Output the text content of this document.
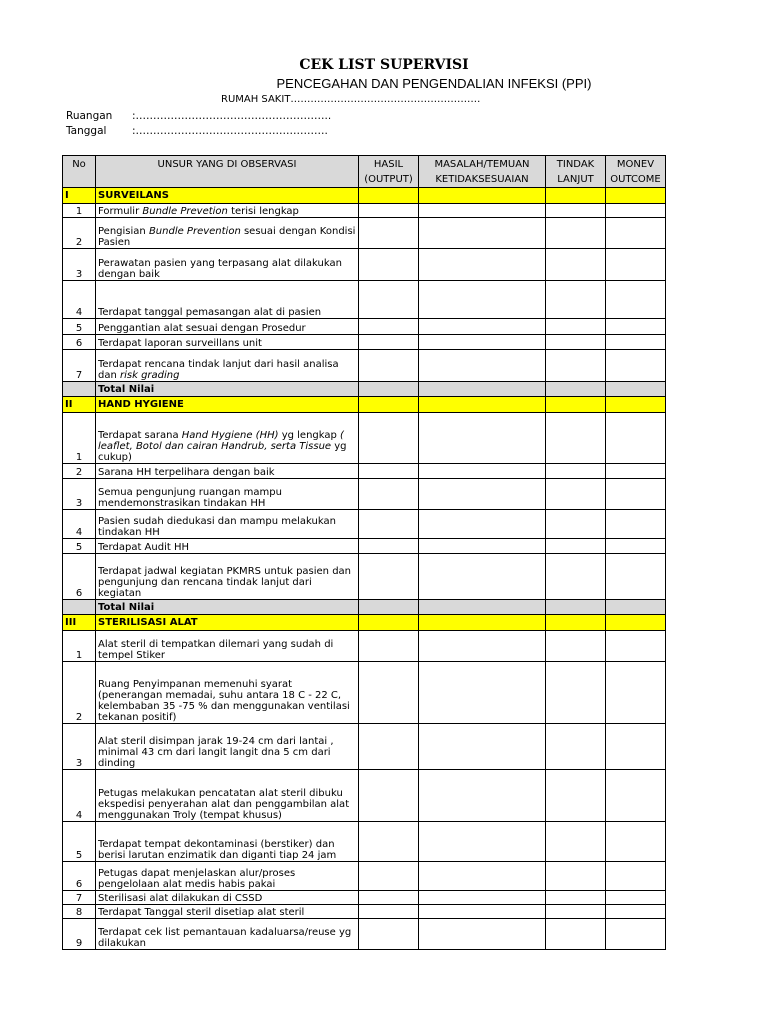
CEK LIST SUPERVISI
PENCEGAHAN DAN PENGENDALIAN INFEKSI (PPI)
RUMAH SAKIT…………………………………………………
Ruangan :………………………………………………..
Tanggal :……………………………………………….
No	UNSUR YANG DI OBSERVASI	HASIL (OUTPUT)	MASALAH/TEMUAN KETIDAKSESUAIAN	TINDAK LANJUT	MONEV OUTCOME
I	SURVEILANS				
1	Formulir Bundle Prevetion terisi lengkap				
2	Pengisian Bundle Prevention sesuai dengan Kondisi Pasien				
3	Perawatan pasien yang terpasang alat dilakukan dengan baik				
4	Terdapat tanggal pemasangan alat di pasien				
5	Penggantian alat sesuai dengan Prosedur				
6	Terdapat laporan surveillans unit				
7	Terdapat rencana tindak lanjut dari hasil analisa dan risk grading				
	Total Nilai				
II	HAND HYGIENE				
1	Terdapat sarana Hand Hygiene (HH) yg lengkap ( leaflet, Botol dan cairan Handrub, serta Tissue yg cukup)				
2	Sarana HH terpelihara dengan baik				
3	Semua pengunjung ruangan mampu mendemonstrasikan tindakan HH				
4	Pasien sudah diedukasi dan mampu melakukan tindakan HH				
5	Terdapat Audit HH				
6	Terdapat jadwal kegiatan PKMRS untuk pasien dan pengunjung dan rencana tindak lanjut dari kegiatan				
	Total Nilai				
III	STERILISASI ALAT				
1	Alat steril di tempatkan dilemari yang sudah di tempel Stiker				
2	Ruang Penyimpanan memenuhi syarat (penerangan memadai, suhu antara 18 C - 22 C, kelembaban 35 -75 % dan menggunakan ventilasi tekanan positif)				
3	Alat steril disimpan jarak 19-24 cm dari lantai , minimal 43 cm dari langit langit dna 5 cm dari dinding				
4	Petugas melakukan pencatatan alat steril dibuku ekspedisi penyerahan alat dan penggambilan alat menggunakan Troly (tempat khusus)				
5	Terdapat tempat dekontaminasi (berstiker) dan berisi larutan enzimatik dan diganti tiap 24 jam				
6	Petugas dapat menjelaskan alur/proses pengelolaan alat medis habis pakai				
7	Sterilisasi alat dilakukan di CSSD				
8	Terdapat Tanggal steril disetiap alat steril				
9	Terdapat cek list pemantauan kadaluarsa/reuse yg dilakukan				
